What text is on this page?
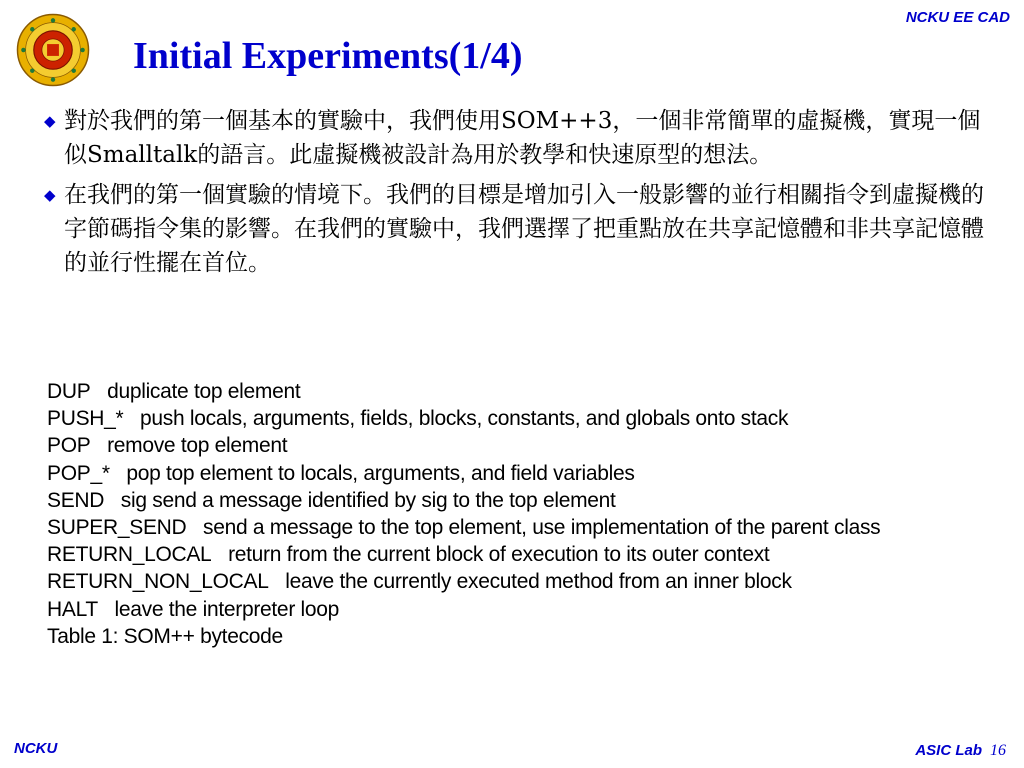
NCKU EE CAD
Initial Experiments(1/4)
◆ 對於我們的第一個基本的實驗中，我們使用SOM++3，一個非常簡單的虛擬機，實現一個似Smalltalk的語言。此虛擬機被設計為用於教學和快速原型的想法。
◆ 在我們的第一個實驗的情境下。我們的目標是增加引入一般影響的並行相關指令到虛擬機的字節碼指令集的影響。在我們的實驗中，我們選擇了把重點放在共享記憶體和非共享記憶體的並行性擺在首位。
DUP duplicate top element
PUSH_* push locals, arguments, fields, blocks, constants, and globals onto stack
POP remove top element
POP_* pop top element to locals, arguments, and field variables
SEND sig send a message identified by sig to the top element
SUPER_SEND send a message to the top element, use implementation of the parent class
RETURN_LOCAL return from the current block of execution to its outer context
RETURN_NON_LOCAL leave the currently executed method from an inner block
HALT leave the interpreter loop
Table 1: SOM++ bytecode
NCKU	ASIC Lab 16
